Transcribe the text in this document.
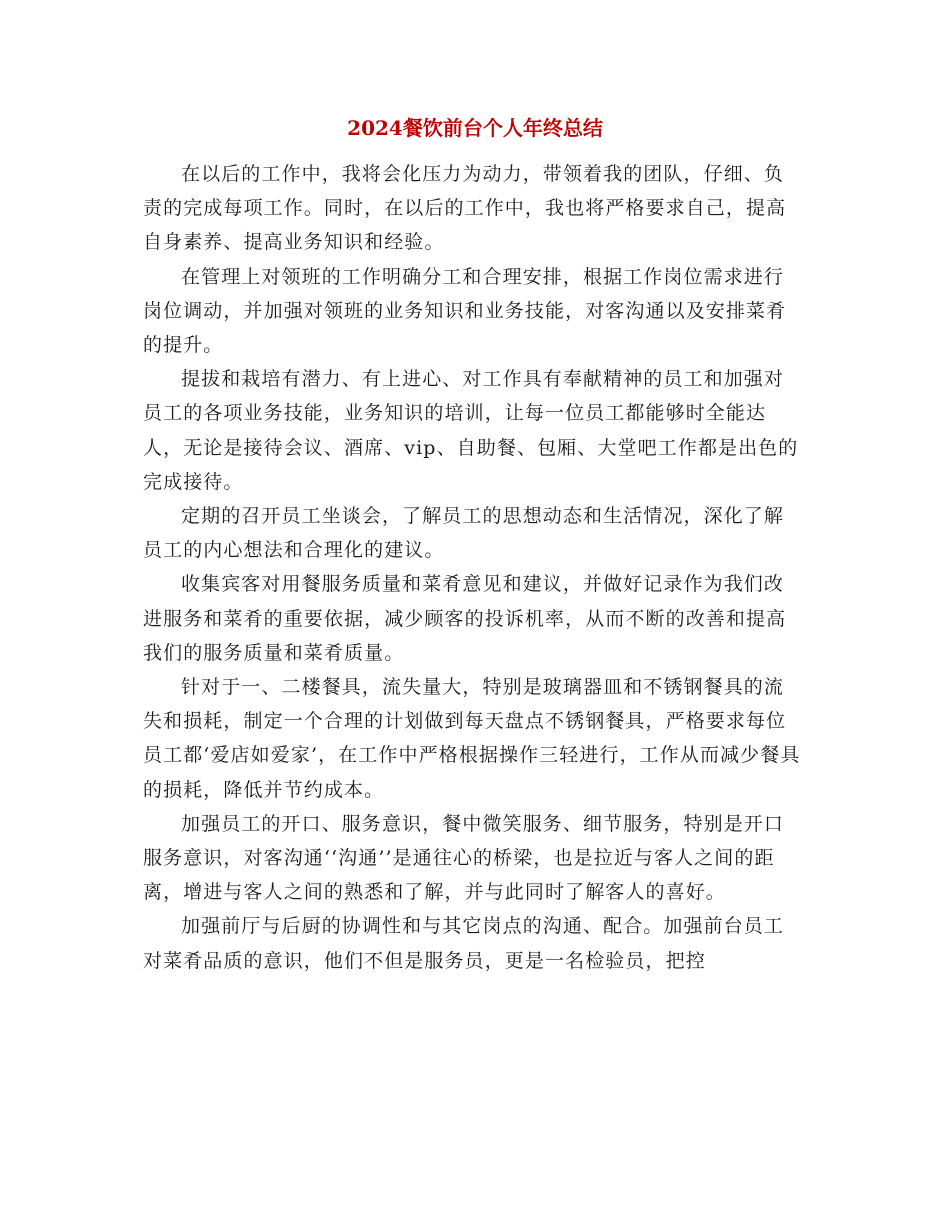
2024餐饮前台个人年终总结

在以后的工作中，我将会化压力为动力，带领着我的团队，仔细、负责的完成每项工作。同时，在以后的工作中，我也将严格要求自己，提高自身素养、提高业务知识和经验。

在管理上对领班的工作明确分工和合理安排，根据工作岗位需求进行岗位调动，并加强对领班的业务知识和业务技能，对客沟通以及安排菜肴的提升。

提拔和栽培有潜力、有上进心、对工作具有奉献精神的员工和加强对员工的各项业务技能，业务知识的培训，让每一位员工都能够时全能达人，无论是接待会议、酒席、vip、自助餐、包厢、大堂吧工作都是出色的完成接待。

定期的召开员工坐谈会，了解员工的思想动态和生活情况，深化了解员工的内心想法和合理化的建议。

收集宾客对用餐服务质量和菜肴意见和建议，并做好记录作为我们改进服务和菜肴的重要依据，减少顾客的投诉机率，从而不断的改善和提高我们的服务质量和菜肴质量。

针对于一、二楼餐具，流失量大，特别是玻璃器皿和不锈钢餐具的流失和损耗，制定一个合理的计划做到每天盘点不锈钢餐具，严格要求每位员工都‘爱店如爱家’，在工作中严格根据操作三轻进行，工作从而减少餐具的损耗，降低并节约成本。

加强员工的开口、服务意识，餐中微笑服务、细节服务，特别是开口服务意识，对客沟通‘‘沟通’’是通往心的桥梁，也是拉近与客人之间的距离，增进与客人之间的熟悉和了解，并与此同时了解客人的喜好。

加强前厅与后厨的协调性和与其它岗点的沟通、配合。加强前台员工对菜肴品质的意识，他们不但是服务员，更是一名检验员，把控
